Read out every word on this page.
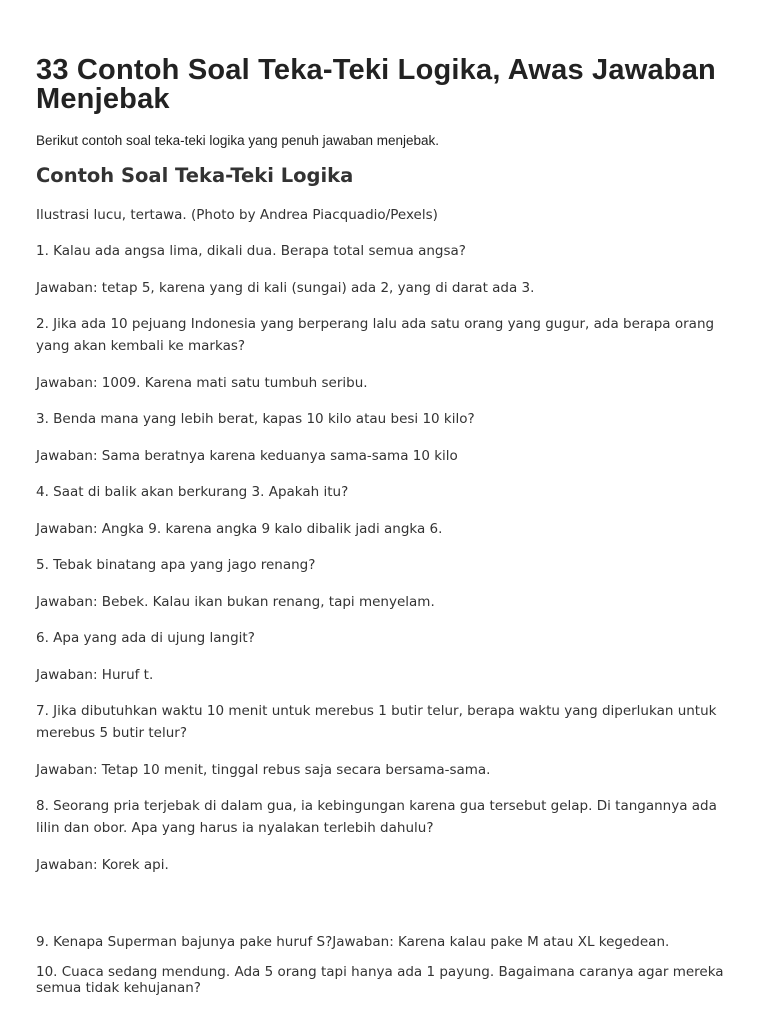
33 Contoh Soal Teka-Teki Logika, Awas Jawaban Menjebak

Berikut contoh soal teka-teki logika yang penuh jawaban menjebak.

Contoh Soal Teka-Teki Logika

Ilustrasi lucu, tertawa. (Photo by Andrea Piacquadio/Pexels)

1. Kalau ada angsa lima, dikali dua. Berapa total semua angsa?

Jawaban: tetap 5, karena yang di kali (sungai) ada 2, yang di darat ada 3.

2. Jika ada 10 pejuang Indonesia yang berperang lalu ada satu orang yang gugur, ada berapa orang yang akan kembali ke markas?

Jawaban: 1009. Karena mati satu tumbuh seribu.

3. Benda mana yang lebih berat, kapas 10 kilo atau besi 10 kilo?

Jawaban: Sama beratnya karena keduanya sama-sama 10 kilo

4. Saat di balik akan berkurang 3. Apakah itu?

Jawaban: Angka 9. karena angka 9 kalo dibalik jadi angka 6.

5. Tebak binatang apa yang jago renang?

Jawaban: Bebek. Kalau ikan bukan renang, tapi menyelam.

6. Apa yang ada di ujung langit?

Jawaban: Huruf t.

7. Jika dibutuhkan waktu 10 menit untuk merebus 1 butir telur, berapa waktu yang diperlukan untuk merebus 5 butir telur?

Jawaban: Tetap 10 menit, tinggal rebus saja secara bersama-sama.

8. Seorang pria terjebak di dalam gua, ia kebingungan karena gua tersebut gelap. Di tangannya ada lilin dan obor. Apa yang harus ia nyalakan terlebih dahulu?

Jawaban: Korek api.

9. Kenapa Superman bajunya pake huruf S?Jawaban: Karena kalau pake M atau XL kegedean.

10. Cuaca sedang mendung. Ada 5 orang tapi hanya ada 1 payung. Bagaimana caranya agar mereka semua tidak kehujanan?
